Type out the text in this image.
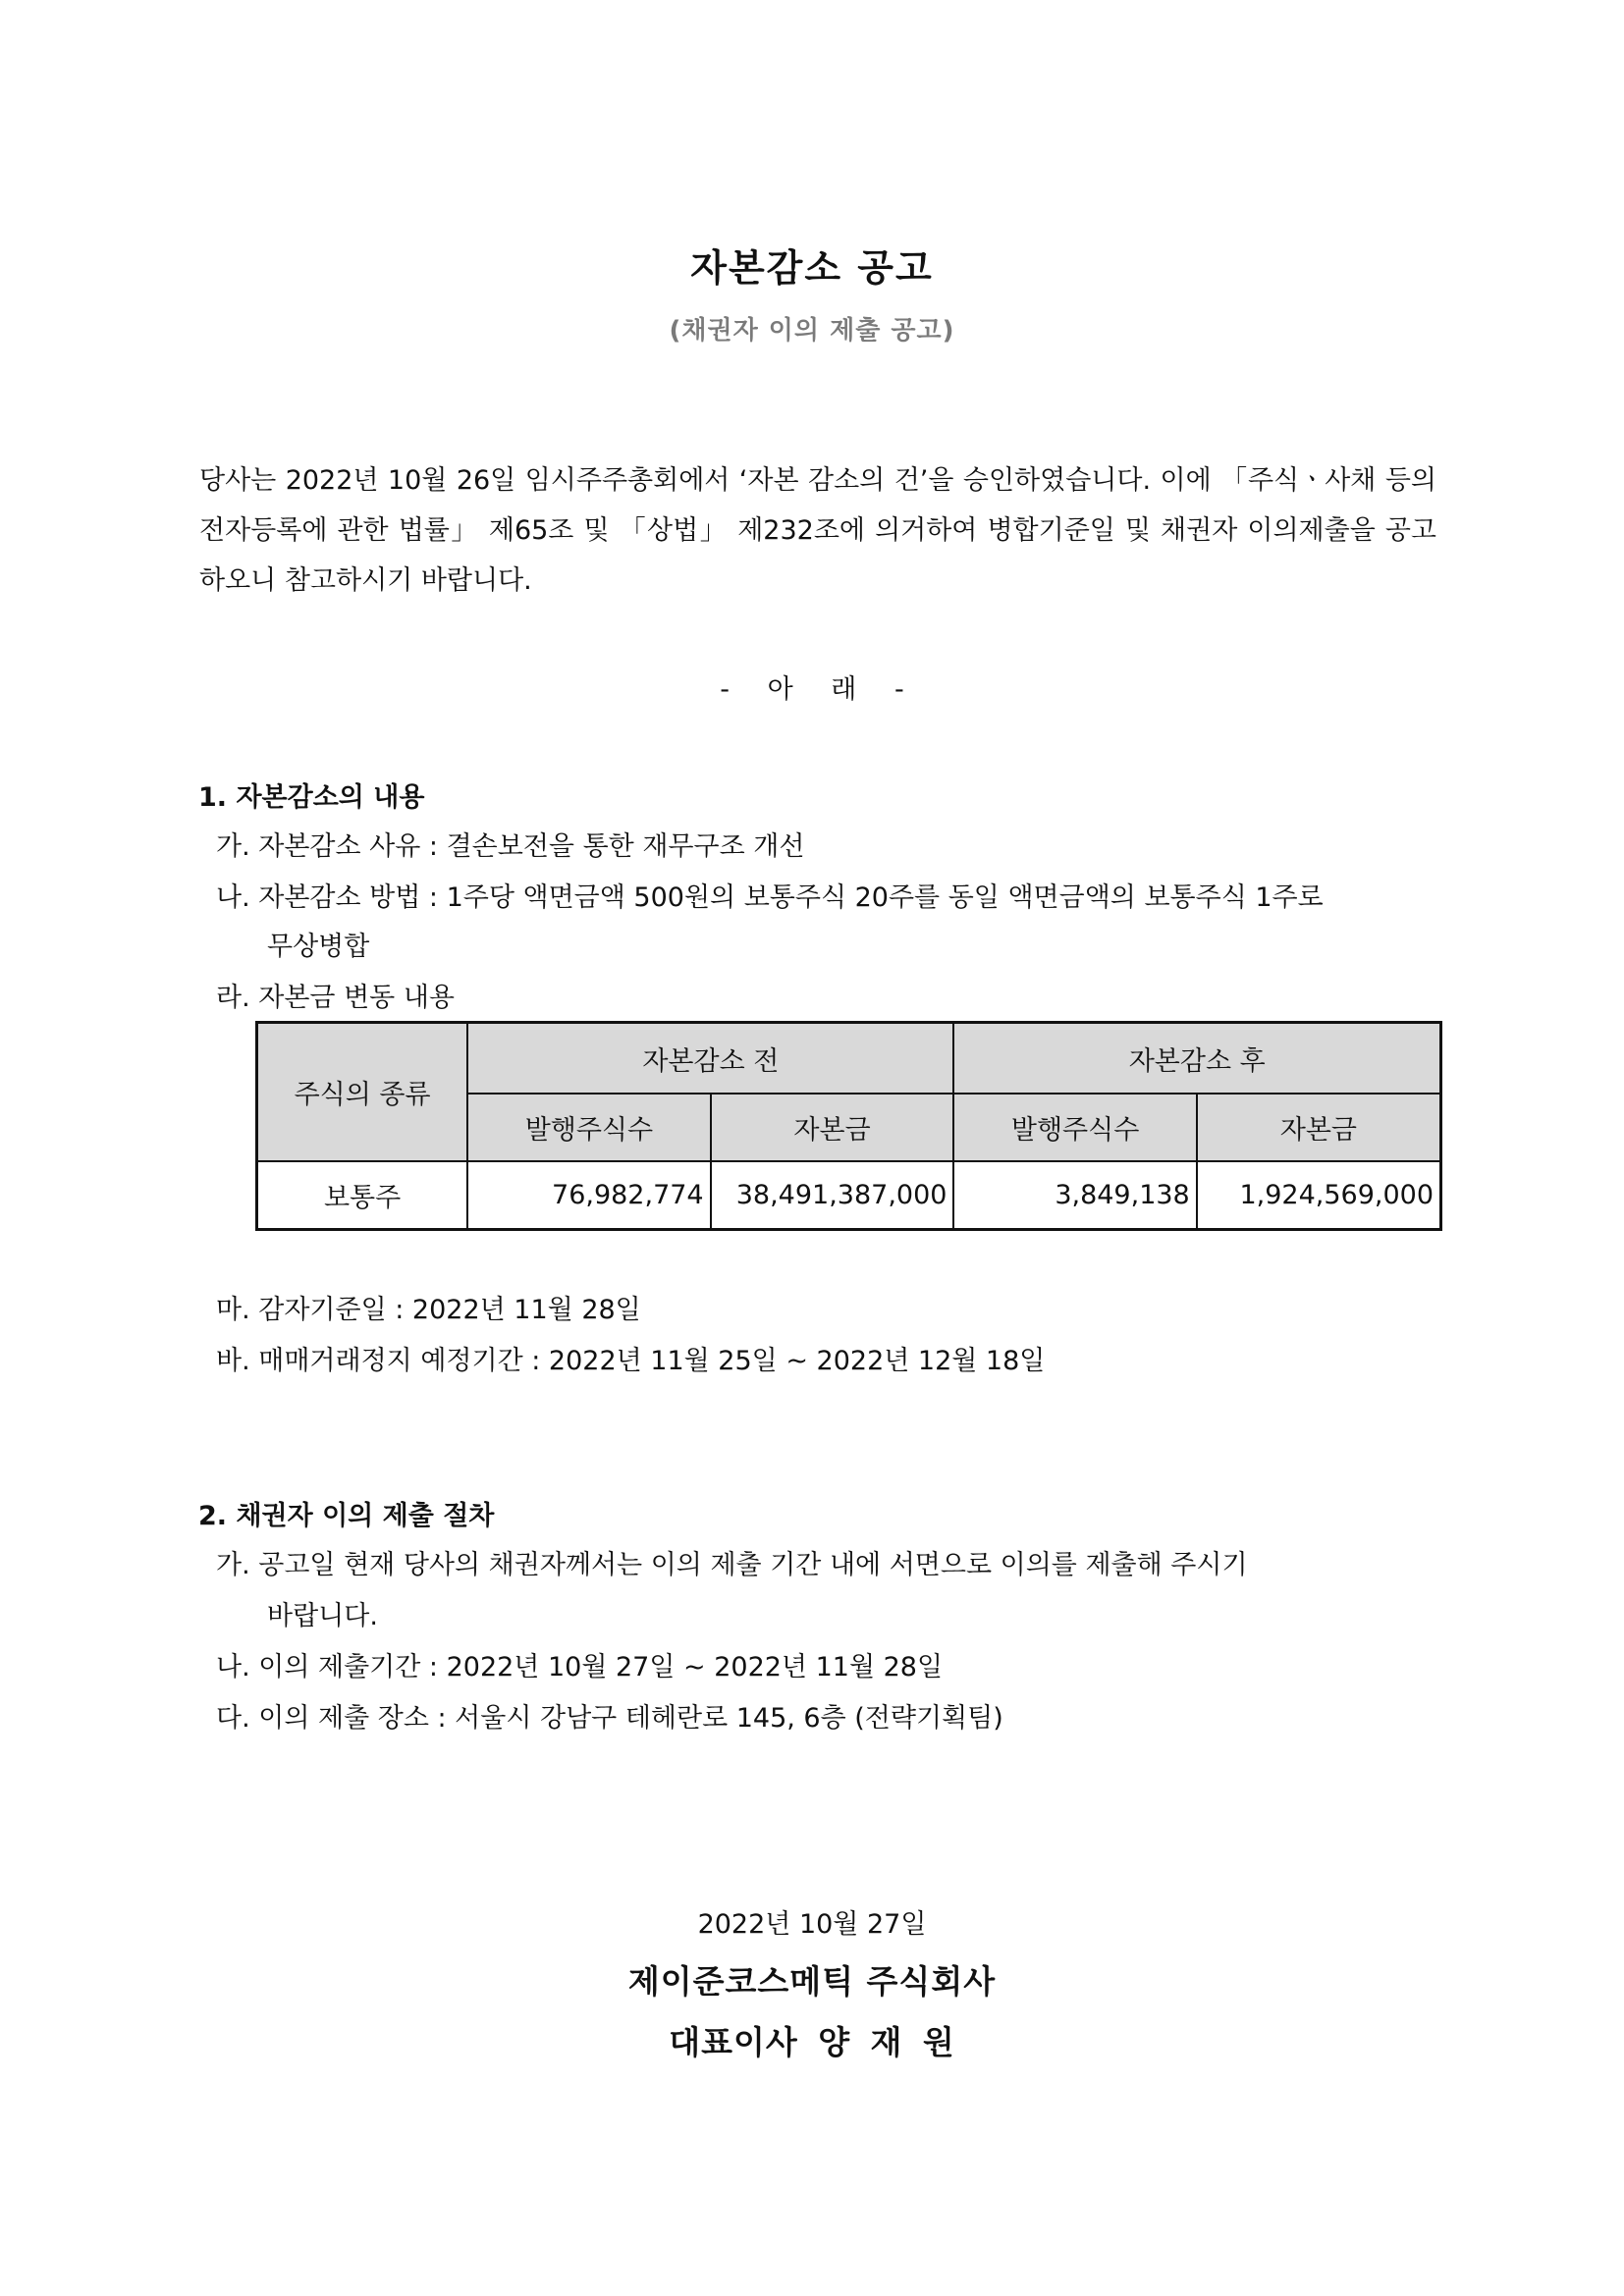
자본감소 공고
(채권자 이의 제출 공고)

당사는 2022년 10월 26일 임시주주총회에서 ‘자본 감소의 건’을 승인하였습니다. 이에 「주식ㆍ사채 등의 전자등록에 관한 법률」 제65조 및 「상법」 제232조에 의거하여 병합기준일 및 채권자 이의제출을 공고하오니 참고하시기 바랍니다.

- 아 래 -

1. 자본감소의 내용

가. 자본감소 사유 : 결손보전을 통한 재무구조 개선

나. 자본감소 방법 : 1주당 액면금액 500원의 보통주식 20주를 동일 액면금액의 보통주식 1주로

무상병합

라. 자본금 변동 내용

주식의 종류	자본감소 전		자본감소 후	
	발행주식수	자본금	발행주식수	자본금
보통주	76,982,774	38,491,387,000	3,849,138	1,924,569,000

마. 감자기준일 : 2022년 11월 28일

바. 매매거래정지 예정기간 : 2022년 11월 25일 ~ 2022년 12월 18일

2. 채권자 이의 제출 절차

가. 공고일 현재 당사의 채권자께서는 이의 제출 기간 내에 서면으로 이의를 제출해 주시기

바랍니다.

나. 이의 제출기간 : 2022년 10월 27일 ~ 2022년 11월 28일

다. 이의 제출 장소 : 서울시 강남구 테헤란로 145, 6층 (전략기획팀)

2022년 10월 27일
제이준코스메틱 주식회사
대표이사 양 재 원
